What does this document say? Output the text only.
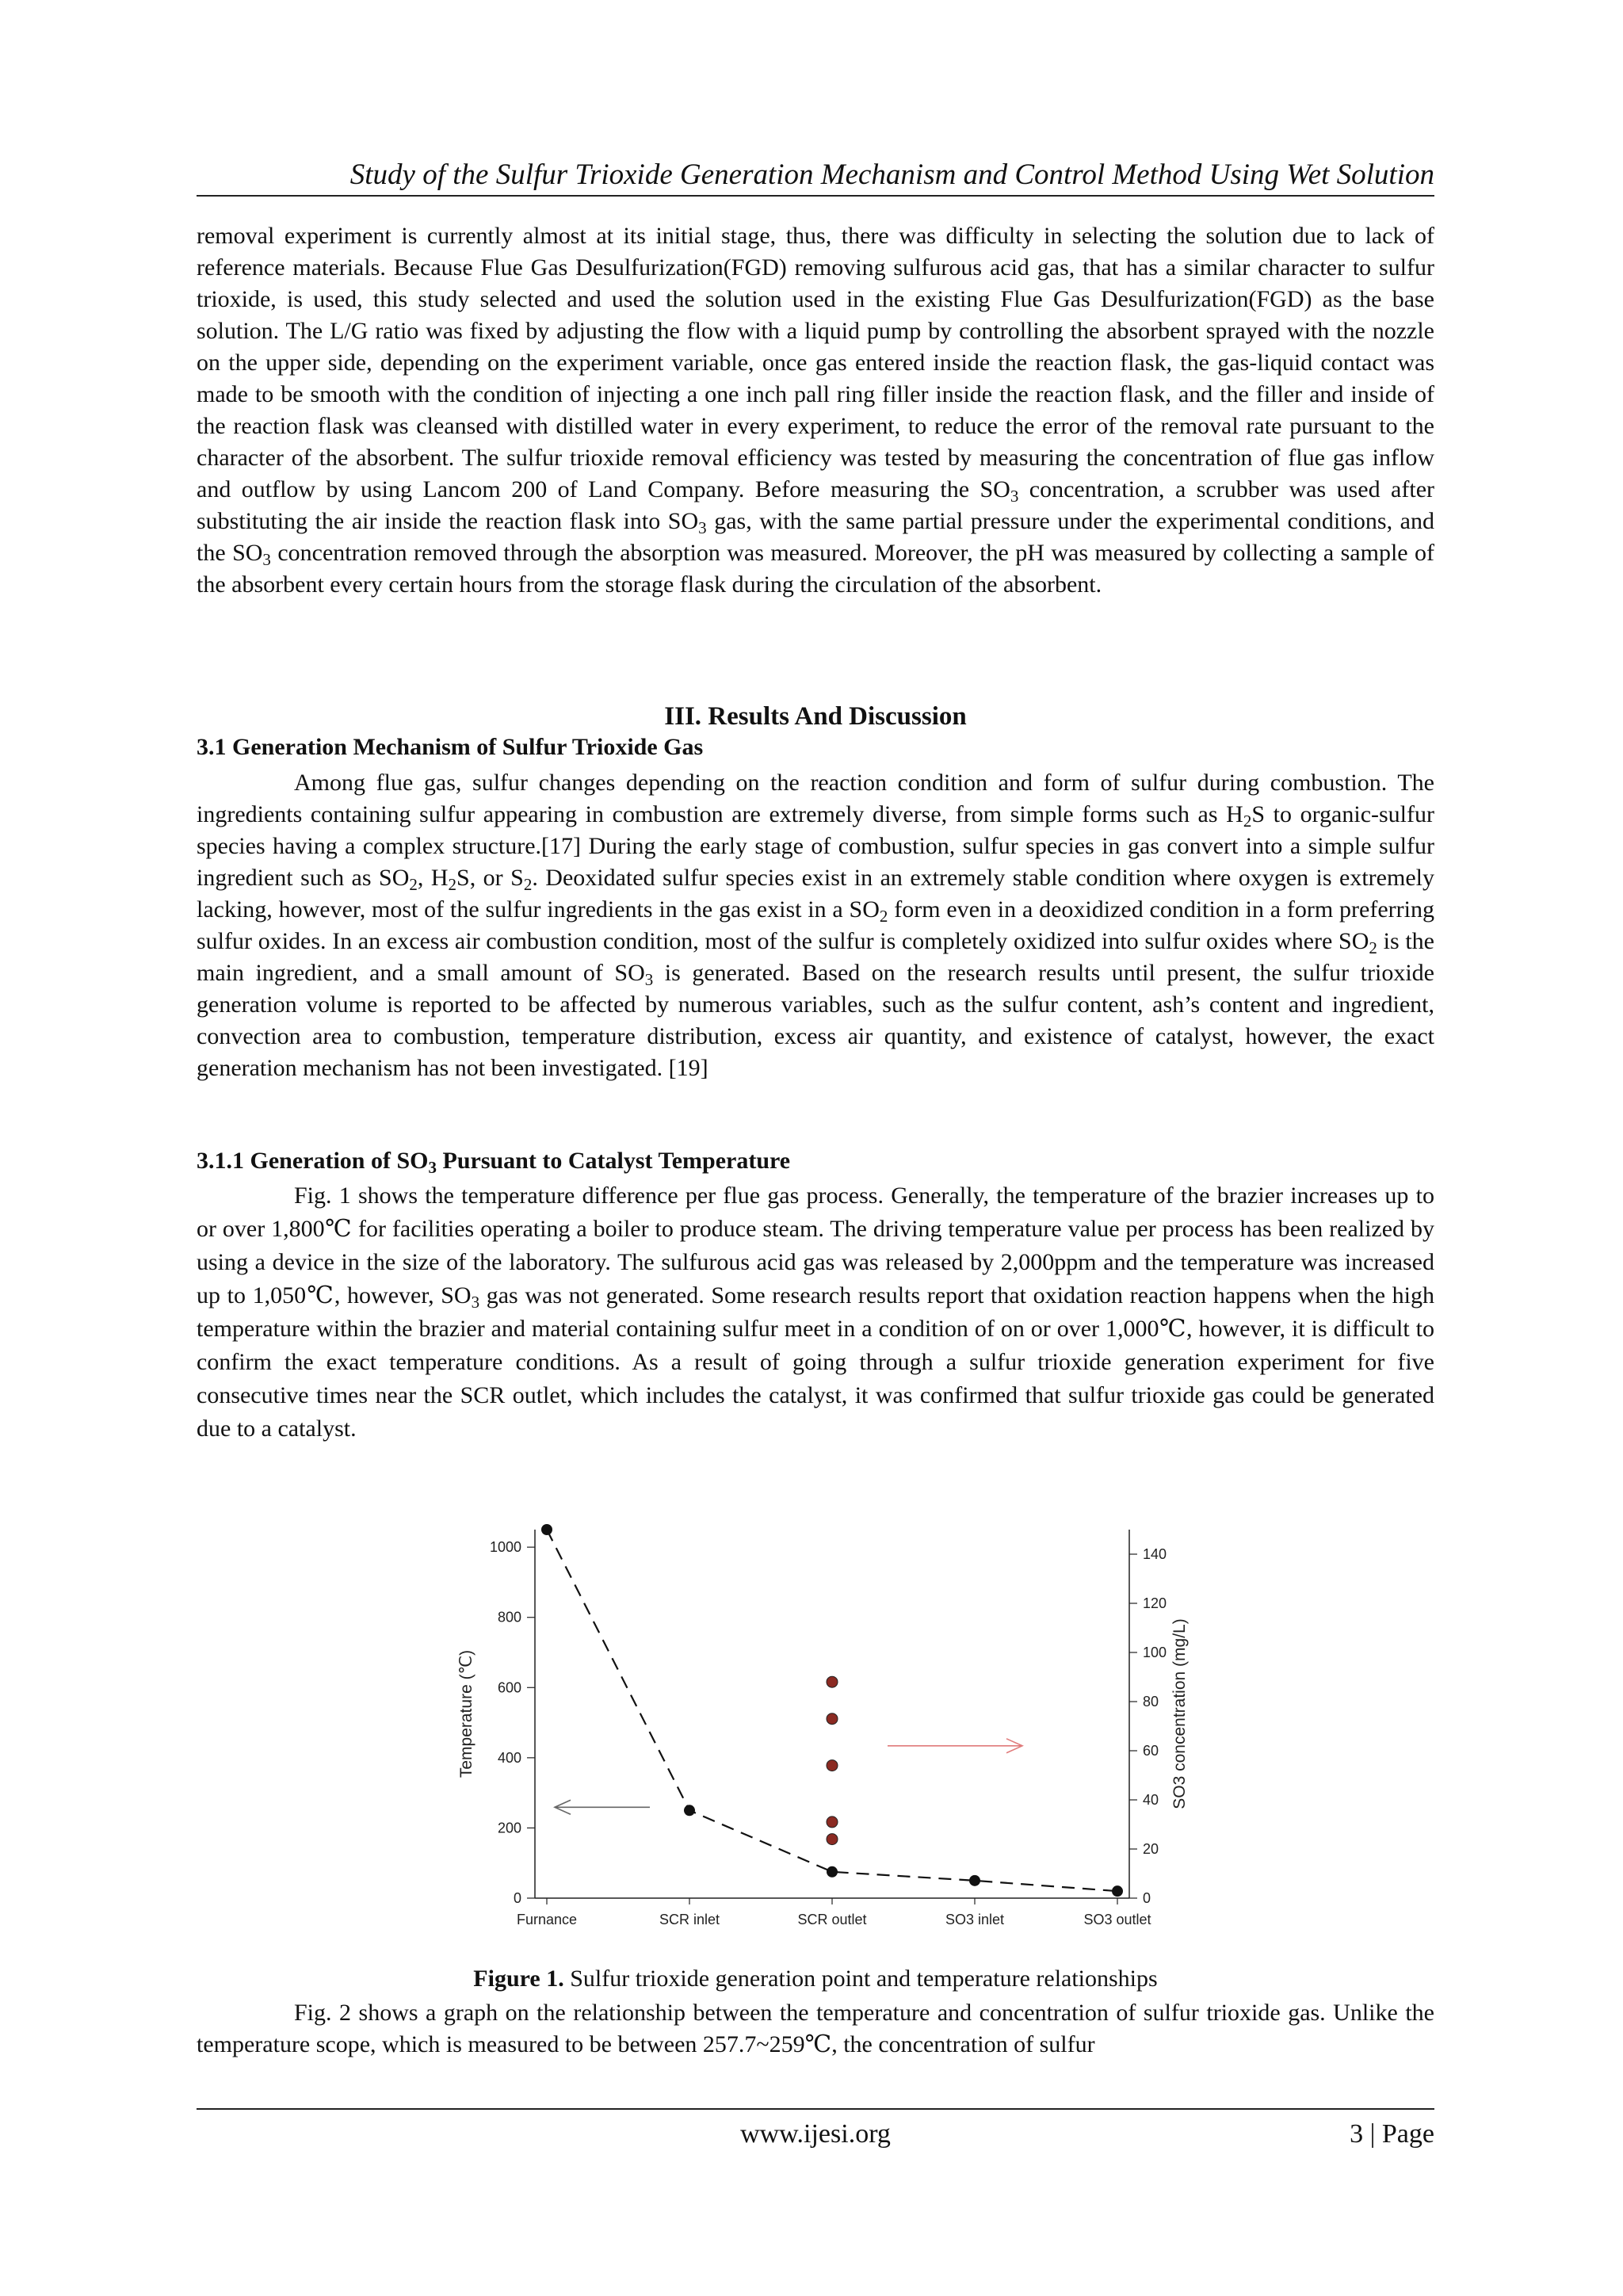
Study of the Sulfur Trioxide Generation Mechanism and Control Method Using Wet Solution

removal experiment is currently almost at its initial stage, thus, there was difficulty in selecting the solution due to lack of reference materials. Because Flue Gas Desulfurization(FGD) removing sulfurous acid gas, that has a similar character to sulfur trioxide, is used, this study selected and used the solution used in the existing Flue Gas Desulfurization(FGD) as the base solution. The L/G ratio was fixed by adjusting the flow with a liquid pump by controlling the absorbent sprayed with the nozzle on the upper side, depending on the experiment variable, once gas entered inside the reaction flask, the gas-liquid contact was made to be smooth with the condition of injecting a one inch pall ring filler inside the reaction flask, and the filler and inside of the reaction flask was cleansed with distilled water in every experiment, to reduce the error of the removal rate pursuant to the character of the absorbent. The sulfur trioxide removal efficiency was tested by measuring the concentration of flue gas inflow and outflow by using Lancom 200 of Land Company. Before measuring the $SO_3$ concentration, a scrubber was used after substituting the air inside the reaction flask into $SO_3$ gas, with the same partial pressure under the experimental conditions, and the $SO_3$ concentration removed through the absorption was measured. Moreover, the pH was measured by collecting a sample of the absorbent every certain hours from the storage flask during the circulation of the absorbent.

III. Results And Discussion
3.1 Generation Mechanism of Sulfur Trioxide Gas

Among flue gas, sulfur changes depending on the reaction condition and form of sulfur during combustion. The ingredients containing sulfur appearing in combustion are extremely diverse, from simple forms such as $H_2S$ to organic-sulfur species having a complex structure.[17] During the early stage of combustion, sulfur species in gas convert into a simple sulfur ingredient such as $SO_2$, $H_2S$, or $S_2$. Deoxidated sulfur species exist in an extremely stable condition where oxygen is extremely lacking, however, most of the sulfur ingredients in the gas exist in a $SO_2$ form even in a deoxidized condition in a form preferring sulfur oxides. In an excess air combustion condition, most of the sulfur is completely oxidized into sulfur oxides where $SO_2$ is the main ingredient, and a small amount of $SO_3$ is generated. Based on the research results until present, the sulfur trioxide generation volume is reported to be affected by numerous variables, such as the sulfur content, ash’s content and ingredient, convection area to combustion, temperature distribution, excess air quantity, and existence of catalyst, however, the exact generation mechanism has not been investigated. [19]

3.1.1 Generation of $SO_3$ Pursuant to Catalyst Temperature

Fig. 1 shows the temperature difference per flue gas process. Generally, the temperature of the brazier increases up to or over 1,800℃ for facilities operating a boiler to produce steam. The driving temperature value per process has been realized by using a device in the size of the laboratory. The sulfurous acid gas was released by 2,000ppm and the temperature was increased up to 1,050℃, however, $SO_3$ gas was not generated. Some research results report that oxidation reaction happens when the high temperature within the brazier and material containing sulfur meet in a condition of on or over 1,000℃, however, it is difficult to confirm the exact temperature conditions. As a result of going through a sulfur trioxide generation experiment for five consecutive times near the SCR outlet, which includes the catalyst, it was confirmed that sulfur trioxide gas could be generated due to a catalyst.

0
200
400
600
800
1000
0
20
40
60
80
100
120
140
Furnance	SCR inlet	SCR outlet	SO3 inlet	SO3 outlet
Temperature (℃)	SO3 concentration (mg/L)
Figure 1. Sulfur trioxide generation point and temperature relationships

Fig. 2 shows a graph on the relationship between the temperature and concentration of sulfur trioxide gas. Unlike the temperature scope, which is measured to be between 257.7~259℃, the concentration of sulfur

www.ijesi.org	3 | Page
